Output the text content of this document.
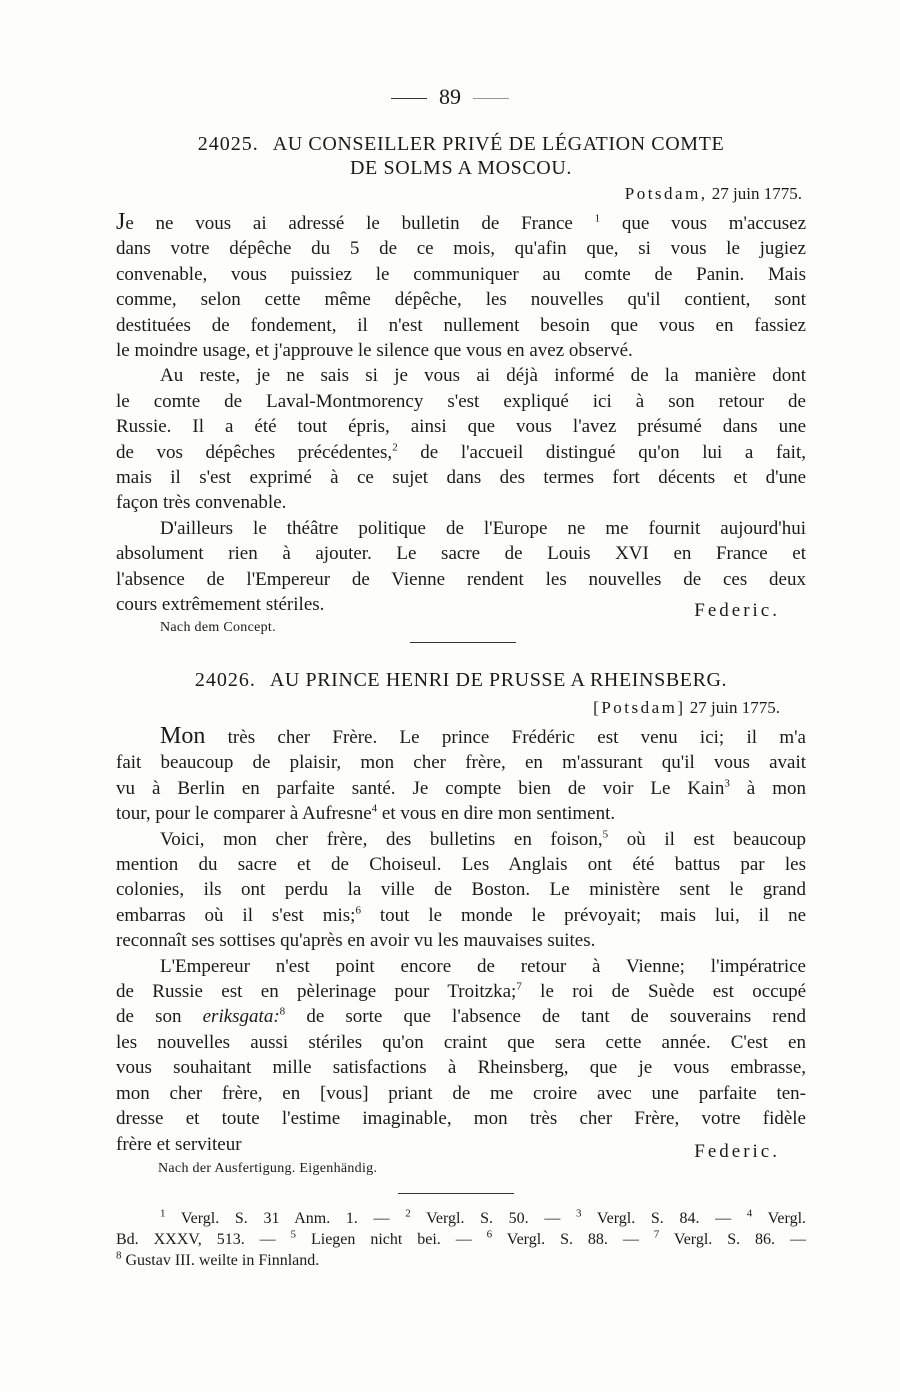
89
24025. AU CONSEILLER PRIVÉ DE LÉGATION COMTE
DE SOLMS A MOSCOU.
Potsdam, 27 juin 1775.

Je ne vous ai adressé le bulletin de France $^1$ que vous m'accusez

dans votre dépêche du 5 de ce mois, qu'afin que, si vous le jugiez

convenable, vous puissiez le communiquer au comte de Panin. Mais

comme, selon cette même dépêche, les nouvelles qu'il contient, sont

destituées de fondement, il n'est nullement besoin que vous en fassiez

le moindre usage, et j'approuve le silence que vous en avez observé.

Au reste, je ne sais si je vous ai déjà informé de la manière dont

le comte de Laval-Montmorency s'est expliqué ici à son retour de

Russie. Il a été tout épris, ainsi que vous l'avez présumé dans une

de vos dépêches précédentes,$^2$ de l'accueil distingué qu'on lui a fait,

mais il s'est exprimé à ce sujet dans des termes fort décents et d'une

façon très convenable.

D'ailleurs le théâtre politique de l'Europe ne me fournit aujourd'hui

absolument rien à ajouter. Le sacre de Louis XVI en France et

l'absence de l'Empereur de Vienne rendent les nouvelles de ces deux

cours extrêmement stériles.	Federic.
Nach dem Concept.
24026. AU PRINCE HENRI DE PRUSSE A RHEINSBERG.
[Potsdam] 27 juin 1775.

Mon très cher Frère. Le prince Frédéric est venu ici; il m'a

fait beaucoup de plaisir, mon cher frère, en m'assurant qu'il vous avait

vu à Berlin en parfaite santé. Je compte bien de voir Le Kain$^3$ à mon

tour, pour le comparer à Aufresne$^4$ et vous en dire mon sentiment.

Voici, mon cher frère, des bulletins en foison,$^5$ où il est beaucoup

mention du sacre et de Choiseul. Les Anglais ont été battus par les

colonies, ils ont perdu la ville de Boston. Le ministère sent le grand

embarras où il s'est mis;$^6$ tout le monde le prévoyait; mais lui, il ne

reconnaît ses sottises qu'après en avoir vu les mauvaises suites.

L'Empereur n'est point encore de retour à Vienne; l'impératrice

de Russie est en pèlerinage pour Troitzka;$^7$ le roi de Suède est occupé

de son eriksgata:$^8$ de sorte que l'absence de tant de souverains rend

les nouvelles aussi stériles qu'on craint que sera cette année. C'est en

vous souhaitant mille satisfactions à Rheinsberg, que je vous embrasse,

mon cher frère, en [vous] priant de me croire avec une parfaite ten-

dresse et toute l'estime imaginable, mon très cher Frère, votre fidèle

frère et serviteur	Federic.
Nach der Ausfertigung. Eigenhändig.

$^1$ Vergl. S. 31 Anm. 1. — $^2$ Vergl. S. 50. — $^3$ Vergl. S. 84. — $^4$ Vergl.

Bd. XXXV, 513. — $^5$ Liegen nicht bei. — $^6$ Vergl. S. 88. — $^7$ Vergl. S. 86. —

$^8$ Gustav III. weilte in Finnland.
